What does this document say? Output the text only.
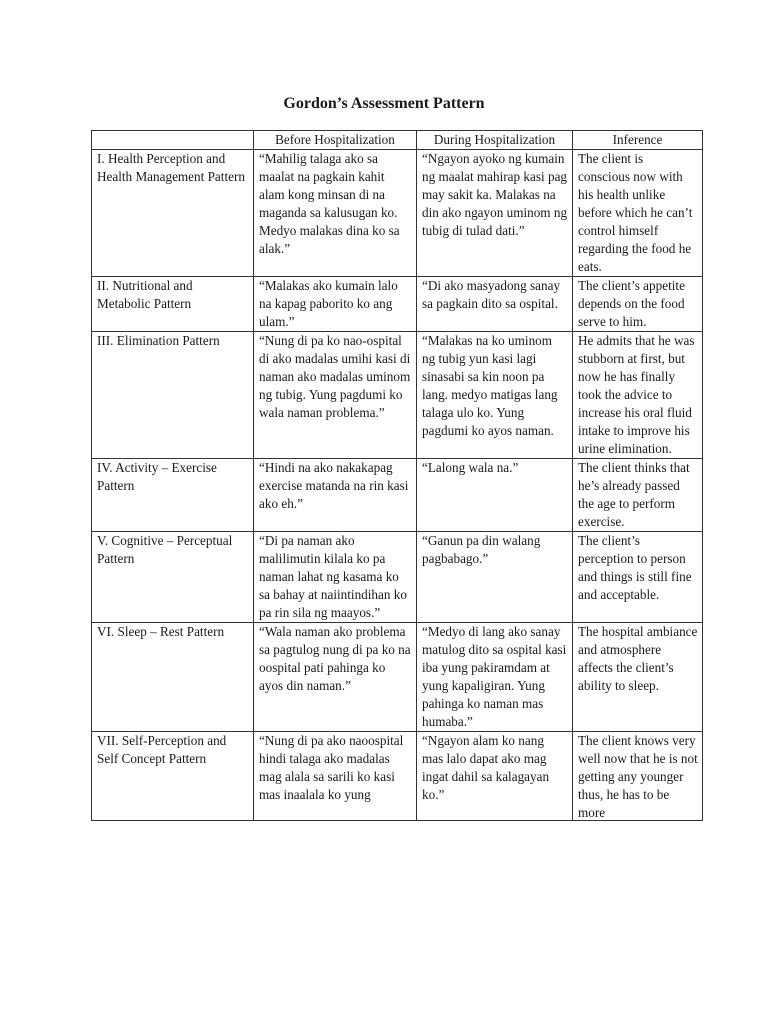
Gordon’s Assessment Pattern
	Before Hospitalization	During Hospitalization	Inference
I. Health Perception and Health Management Pattern	“Mahilig talaga ako sa maalat na pagkain kahit alam kong minsan di na maganda sa kalusugan ko. Medyo malakas dina ko sa alak.”	“Ngayon ayoko ng kumain ng maalat mahirap kasi pag may sakit ka. Malakas na din ako ngayon uminom ng tubig di tulad dati.”	The client is conscious now with his health unlike before which he can’t control himself regarding the food he eats.
II. Nutritional and Metabolic Pattern	“Malakas ako kumain lalo na kapag paborito ko ang ulam.”	“Di ako masyadong sanay sa pagkain dito sa ospital.	The client’s appetite depends on the food serve to him.
III. Elimination Pattern	“Nung di pa ko nao-ospital di ako madalas umihi kasi di naman ako madalas uminom ng tubig. Yung pagdumi ko wala naman problema.”	“Malakas na ko uminom ng tubig yun kasi lagi sinasabi sa kin noon pa lang. medyo matigas lang talaga ulo ko. Yung pagdumi ko ayos naman.	He admits that he was stubborn at first, but now he has finally took the advice to increase his oral fluid intake to improve his urine elimination.
IV. Activity – Exercise Pattern	“Hindi na ako nakakapag exercise matanda na rin kasi ako eh.”	“Lalong wala na.”	The client thinks that he’s already passed the age to perform exercise.
V. Cognitive – Perceptual Pattern	“Di pa naman ako malilimutin kilala ko pa naman lahat ng kasama ko sa bahay at naiintindihan ko pa rin sila ng maayos.”	“Ganun pa din walang pagbabago.”	The client’s perception to person and things is still fine and acceptable.
VI. Sleep – Rest Pattern	“Wala naman ako problema sa pagtulog nung di pa ko na oospital pati pahinga ko ayos din naman.”	“Medyo di lang ako sanay matulog dito sa ospital kasi iba yung pakiramdam at yung kapaligiran. Yung pahinga ko naman mas humaba.”	The hospital ambiance and atmosphere affects the client’s ability to sleep.

VII. Self-Perception and Self Concept Pattern	“Nung di pa ako naoospital hindi talaga ako madalas mag alala sa sarili ko kasi mas inaalala ko yung	“Ngayon alam ko nang mas lalo dapat ako mag ingat dahil sa kalagayan ko.”	The client knows very well now that he is not getting any younger thus, he has to be more
